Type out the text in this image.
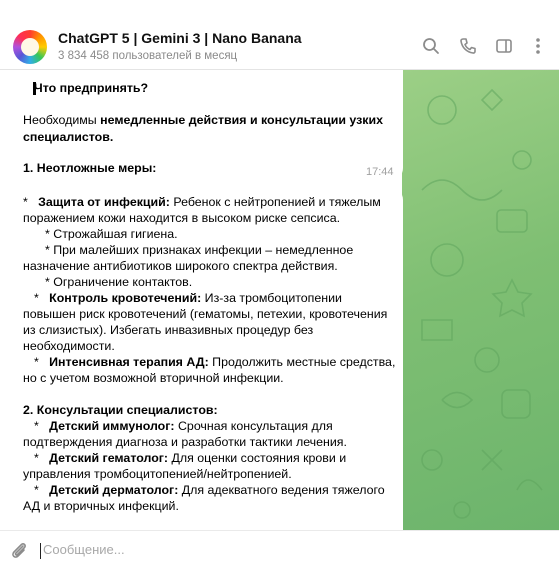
ChatGPT 5 | Gemini 3 | Nano Banana
3 834 458 пользователей в месяц
Что предпринять?
Необходимы немедленные действия и консультации узких
специалистов.
1. Неотложные меры:	17:44
* Защита от инфекций: Ребенок с нейтропенией и тяжелым
поражением кожи находится в высоком риске сепсиса.
* Строжайшая гигиена.
* При малейших признаках инфекции – немедленное
назначение антибиотиков широкого спектра действия.
* Ограничение контактов.
* Контроль кровотечений: Из-за тромбоцитопении
повышен риск кровотечений (гематомы, петехии, кровотечения
из слизистых). Избегать инвазивных процедур без
необходимости.
* Интенсивная терапия АД: Продолжить местные средства,
но с учетом возможной вторичной инфекции.
2. Консультации специалистов:
* Детский иммунолог: Срочная консультация для
подтверждения диагноза и разработки тактики лечения.
* Детский гематолог: Для оценки состояния крови и
управления тромбоцитопенией/нейтропенией.
* Детский дерматолог: Для адекватного ведения тяжелого
АД и вторичных инфекций.
Сообщение...
